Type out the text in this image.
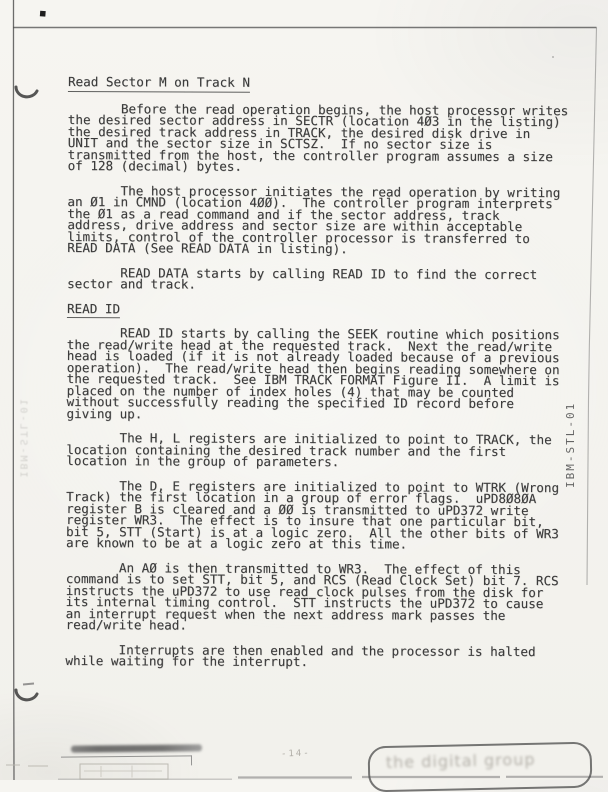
Read Sector M on Track N

Before the read operation begins, the host processor writes
the desired sector address in SECTR (location 4Ø3 in the listing)
the desired track address in TRACK, the desired disk drive in
UNIT and the sector size in SCTSZ.  If no sector size is
transmitted from the host, the controller program assumes a size
of 128 (decimal) bytes.

The host processor initiates the read operation by writing
an Ø1 in CMND (location 4ØØ).  The controller program interprets
the Ø1 as a read command and if the sector address, track
address, drive address and sector size are within acceptable
limits, control of the controller processor is transferred to
READ DATA (See READ DATA in listing).

READ DATA starts by calling READ ID to find the correct
sector and track.

READ ID

READ ID starts by calling the SEEK routine which positions
the read/write head at the requested track.  Next the read/write
head is loaded (if it is not already loaded because of a previous
operation).  The read/write head then begins reading somewhere on
the requested track.  See IBM TRACK FORMAT Figure II.  A limit is
placed on the number of index holes (4) that may be counted
without successfully reading the specified ID record before
giving up.

The H, L registers are initialized to point to TRACK, the
location containing the desired track number and the first
location in the group of parameters.

The D, E registers are initialized to point to WTRK (Wrong
Track) the first location in a group of error flags.  uPD8Ø8ØA
register B is cleared and a ØØ is transmitted to uPD372 write
register WR3.  The effect is to insure that one particular bit,
bit 5, STT (Start) is at a logic zero.  All the other bits of WR3
are known to be at a logic zero at this time.

An AØ is then transmitted to WR3.  The effect of this
command is to set STT, bit 5, and RCS (Read Clock Set) bit 7. RCS
instructs the uPD372 to use read clock pulses from the disk for
its internal timing control.  STT instructs the uPD372 to cause
an interrupt request when the next address mark passes the
read/write head.

Interrupts are then enabled and the processor is halted
while waiting for the interrupt.

IBM-STL-01
IBM-STL-01
-14-	the digital group
